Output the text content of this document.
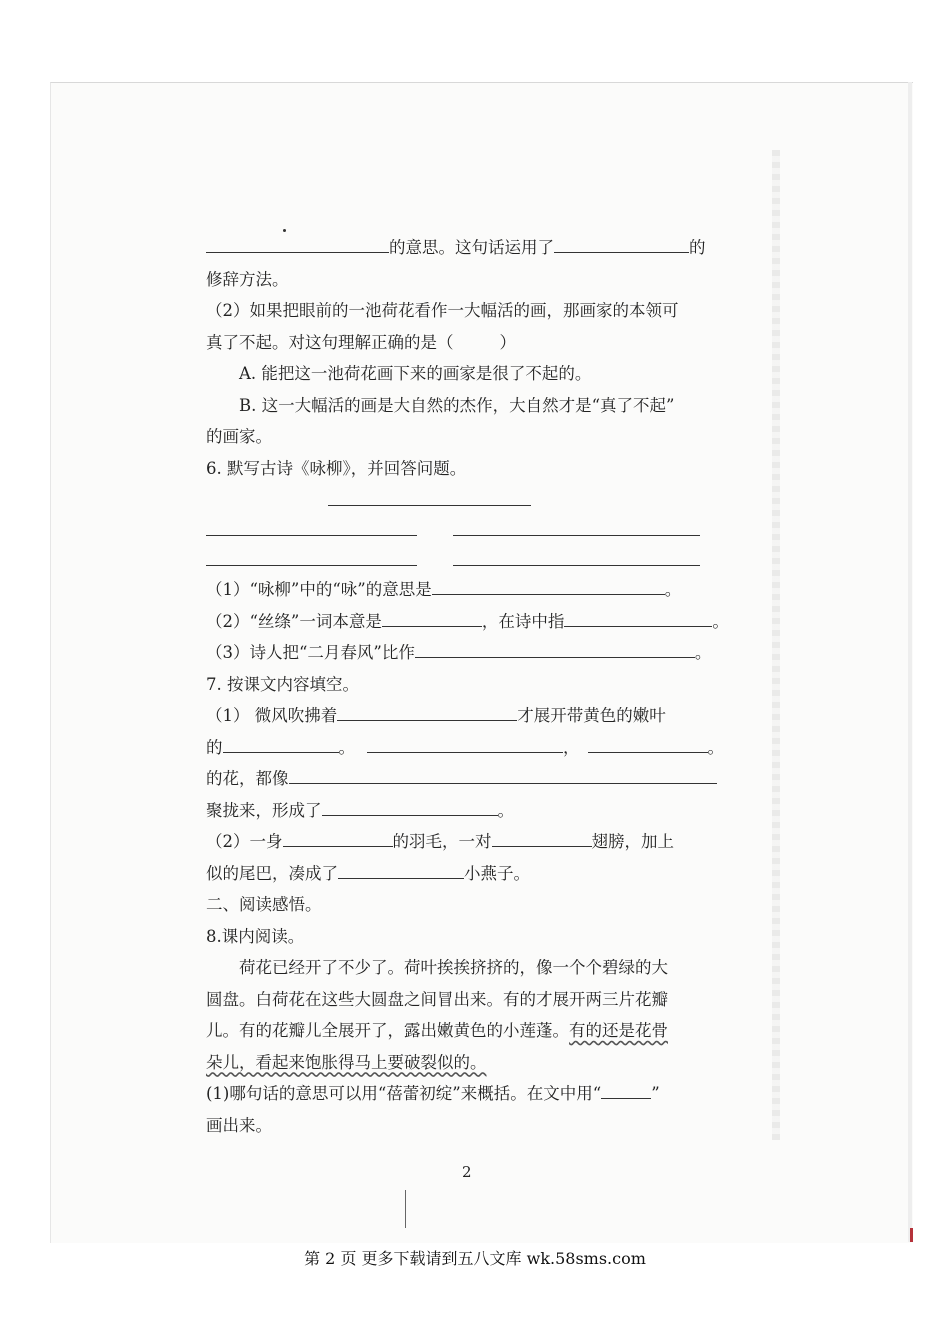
的意思。这句话运用了	的
修辞方法。
（2）如果把眼前的一池荷花看作一大幅活的画，那画家的本领可
真了不起。对这句理解正确的是（	）
A. 能把这一池荷花画下来的画家是很了不起的。
B. 这一大幅活的画是大自然的杰作，大自然才是“真了不起”
的画家。
6. 默写古诗《咏柳》，并回答问题。
（1）“咏柳”中的“咏”的意思是	。
（2）“丝绦”一词本意是	，在诗中指	。
（3）诗人把“二月春风”比作	。
7. 按课文内容填空。
（1） 微风吹拂着	才展开带黄色的嫩叶
的	。	，	。
的花，都像
聚拢来，形成了	。
（2）一身	的羽毛，一对	翅膀，加上
似的尾巴，凑成了	小燕子。
二、阅读感悟。
8.课内阅读。
荷花已经开了不少了。荷叶挨挨挤挤的，像一个个碧绿的大
圆盘。白荷花在这些大圆盘之间冒出来。有的才展开两三片花瓣
儿。有的花瓣儿全展开了，露出嫩黄色的小莲蓬。有的还是花骨
朵儿，看起来饱胀得马上要破裂似的。
(1)哪句话的意思可以用“蓓蕾初绽”来概括。在文中用“	”
画出来。
2
第 2 页 更多下载请到五八文库 wk.58sms.com
